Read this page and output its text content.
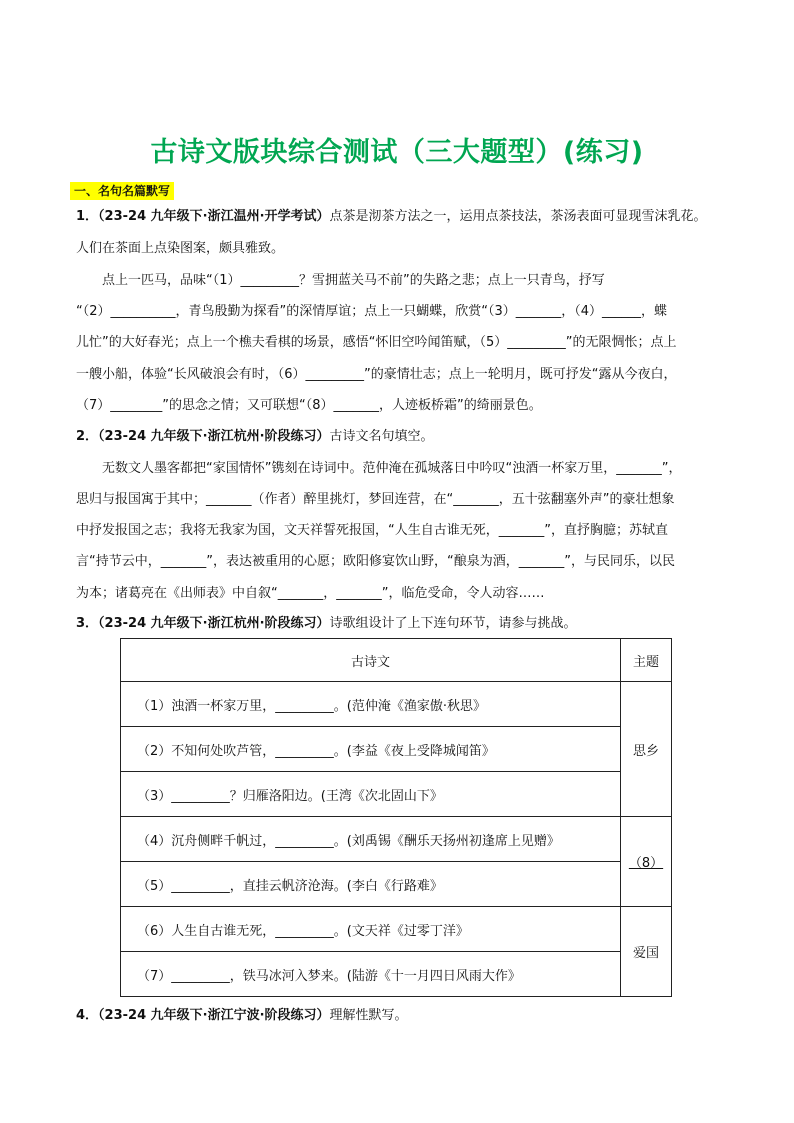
古诗文版块综合测试（三大题型）(练习)
一、名句名篇默写
1．（23-24 九年级下·浙江温州·开学考试）点茶是沏茶方法之一，运用点茶技法，茶汤表面可显现雪沫乳花。
人们在茶面上点染图案，颇具雅致。
点上一匹马，品味“（1）_________？雪拥蓝关马不前”的失路之悲；点上一只青鸟，抒写
“（2）__________，青鸟殷勤为探看”的深情厚谊；点上一只蝴蝶，欣赏“（3）_______，（4）______，蝶
儿忙”的大好春光；点上一个樵夫看棋的场景，感悟“怀旧空吟闻笛赋，（5）_________”的无限惆怅；点上
一艘小船，体验“长风破浪会有时，（6）_________”的豪情壮志；点上一轮明月，既可抒发“露从今夜白，
（7）________”的思念之情；又可联想“（8）_______，人迹板桥霜”的绮丽景色。
2．（23-24 九年级下·浙江杭州·阶段练习）古诗文名句填空。
无数文人墨客都把“家国情怀”镌刻在诗词中。范仲淹在孤城落日中吟叹“浊酒一杯家万里，_______”，
思归与报国寓于其中；_______（作者）醉里挑灯，梦回连营，在“_______，五十弦翻塞外声”的豪壮想象
中抒发报国之志；我将无我家为国，文天祥誓死报国，“人生自古谁无死，_______”，直抒胸臆；苏轼直
言“持节云中，_______”，表达被重用的心愿；欧阳修宴饮山野，“酿泉为酒，_______”，与民同乐，以民
为本；诸葛亮在《出师表》中自叙“_______，_______”，临危受命，令人动容……
3．（23-24 九年级下·浙江杭州·阶段练习）诗歌组设计了上下连句环节，请参与挑战。
古诗文	主题
（1）浊酒一杯家万里，_________。(范仲淹《渔家傲·秋思》	思乡
（2）不知何处吹芦管，_________。(李益《夜上受降城闻笛》	
（3）_________？归雁洛阳边。(王湾《次北固山下》	
（4）沉舟侧畔千帆过，_________。(刘禹锡《酬乐天扬州初逢席上见赠》	（8）
（5）_________，直挂云帆济沧海。(李白《行路难》	
（6）人生自古谁无死，_________。(文天祥《过零丁洋》	爱国
（7）_________，铁马冰河入梦来。(陆游《十一月四日风雨大作》	
4．（23-24 九年级下·浙江宁波·阶段练习）理解性默写。
